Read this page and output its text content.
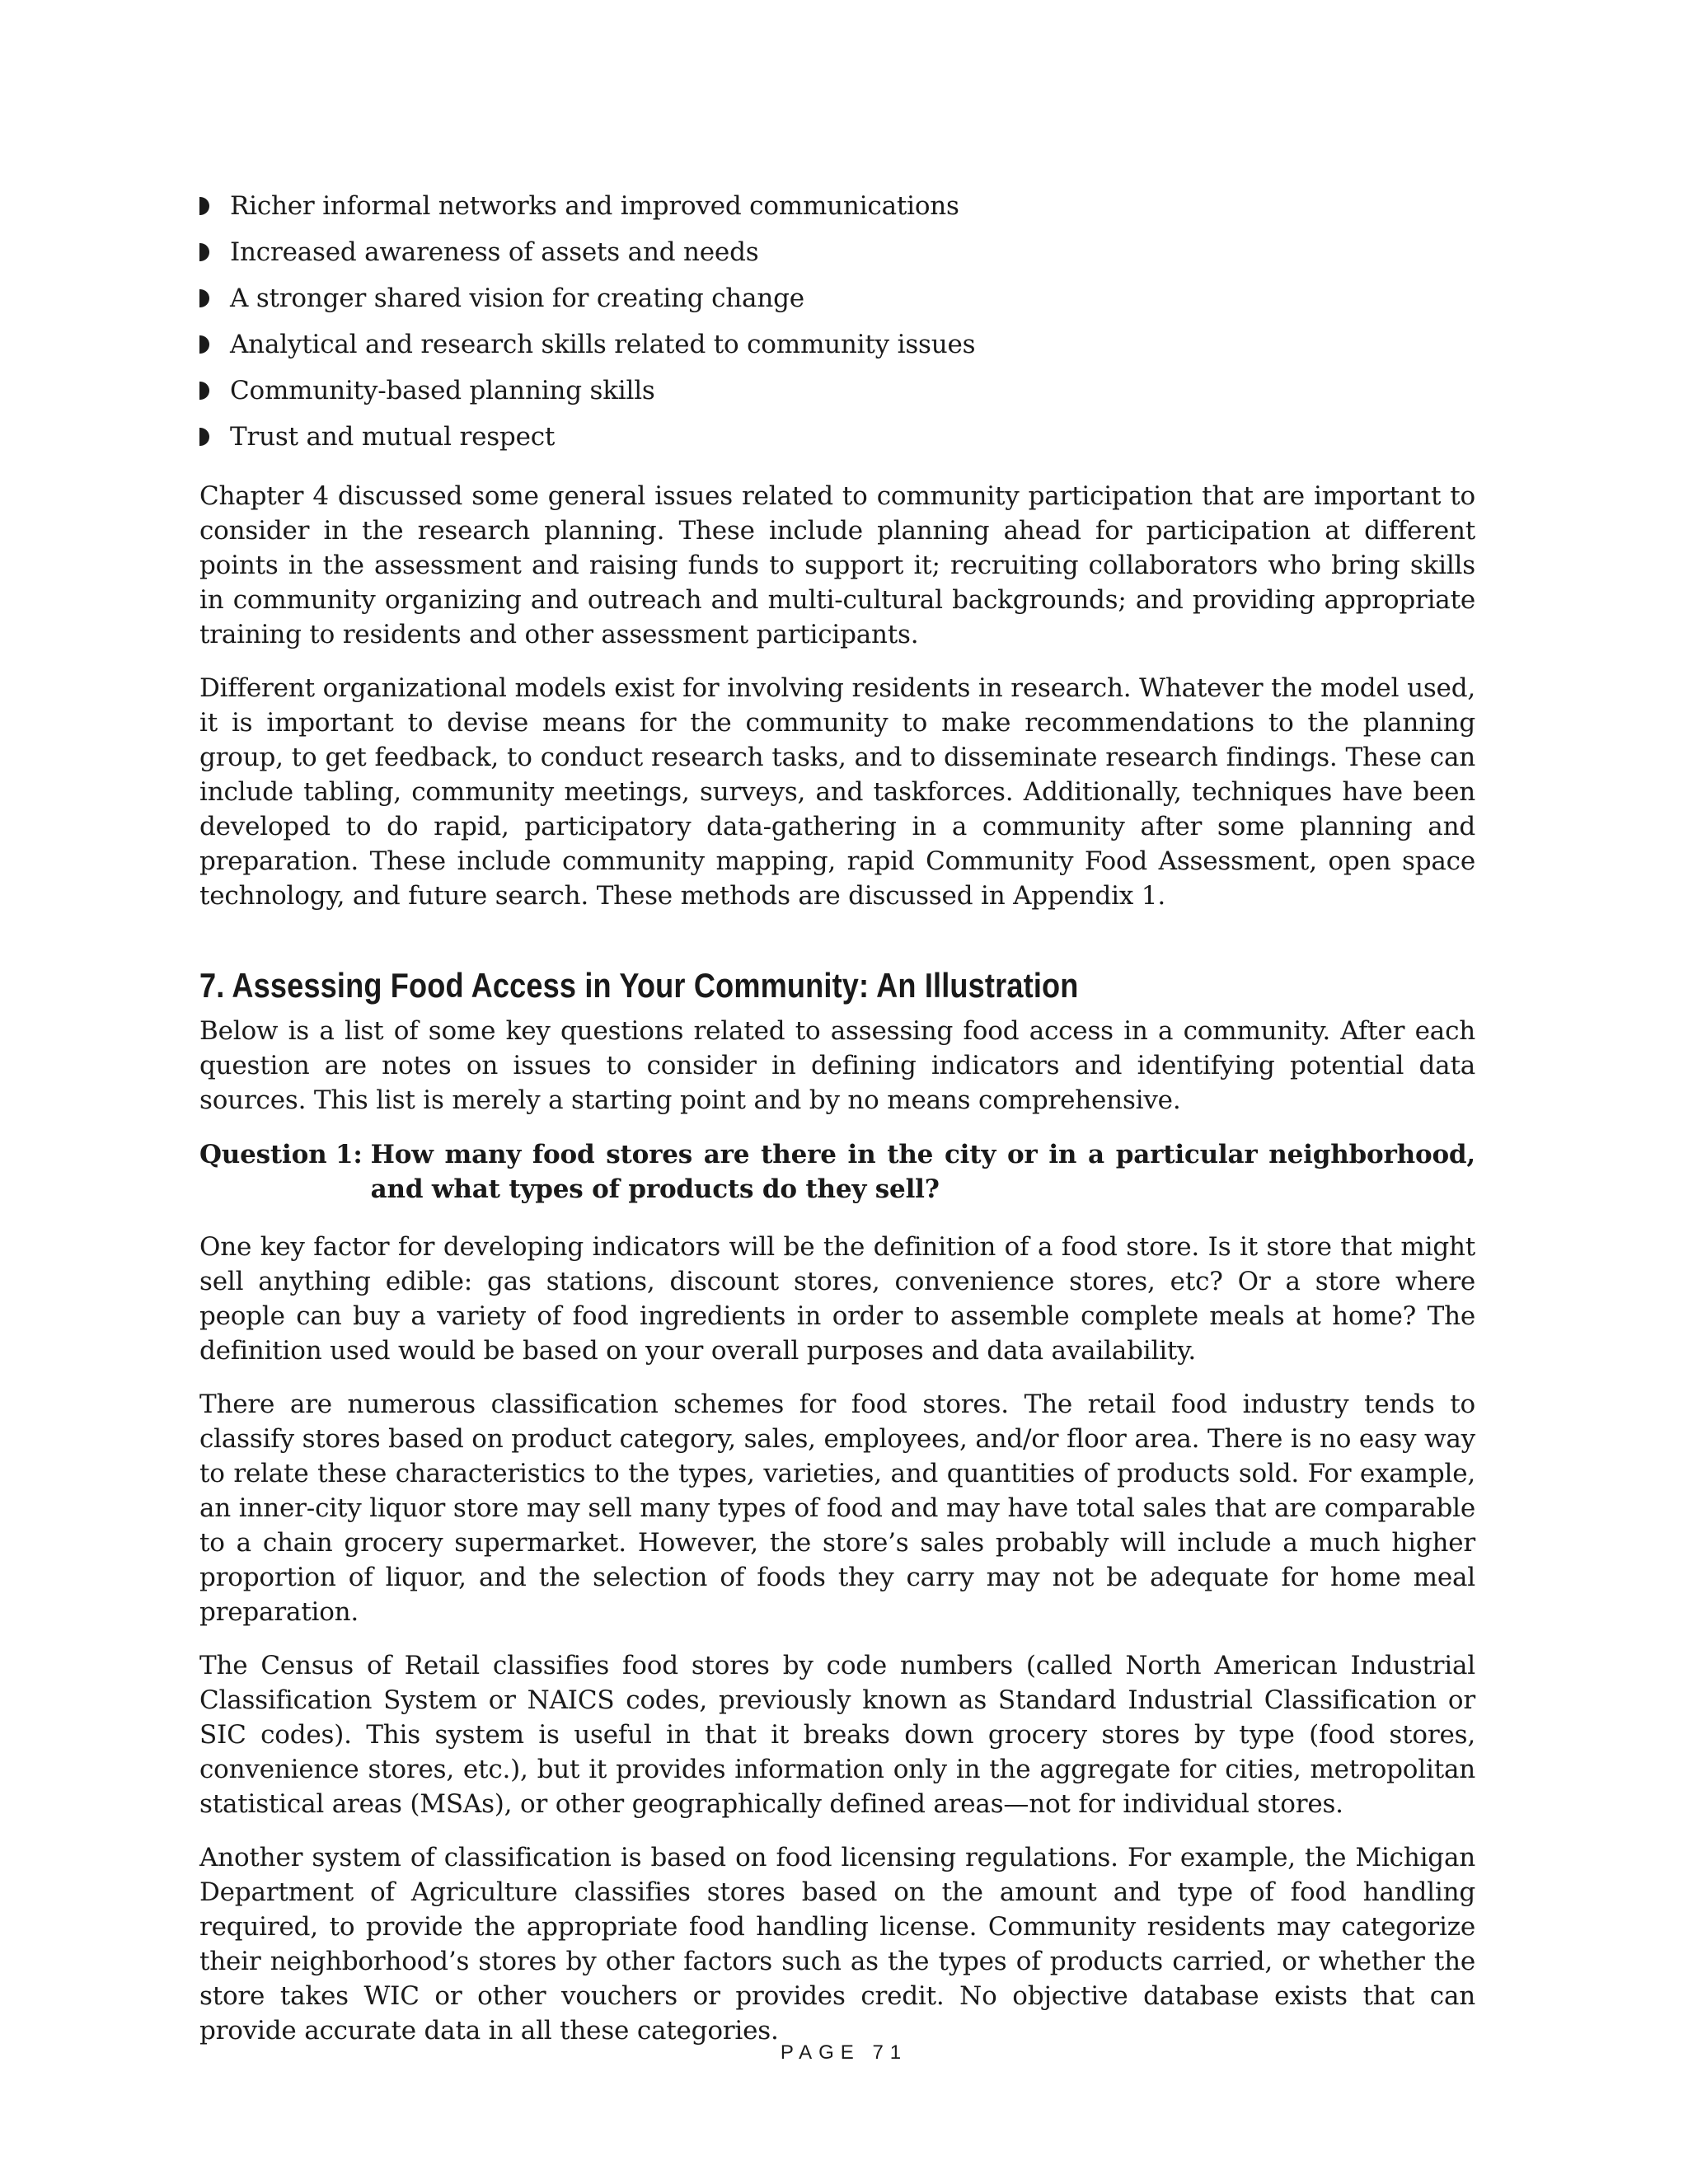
Richer informal networks and improved communications
Increased awareness of assets and needs
A stronger shared vision for creating change
Analytical and research skills related to community issues
Community-based planning skills
Trust and mutual respect

Chapter 4 discussed some general issues related to community participation that are important to consider in the research planning. These include planning ahead for participation at different points in the assessment and raising funds to support it; recruiting collaborators who bring skills in community organizing and outreach and multi-cultural backgrounds; and providing appropriate training to residents and other assessment participants.

Different organizational models exist for involving residents in research. Whatever the model used, it is important to devise means for the community to make recommendations to the planning group, to get feedback, to conduct research tasks, and to disseminate research findings. These can include tabling, community meetings, surveys, and taskforces. Additionally, techniques have been developed to do rapid, participatory data-gathering in a community after some planning and preparation. These include community mapping, rapid Community Food Assessment, open space technology, and future search. These methods are discussed in Appendix 1.

7. Assessing Food Access in Your Community: An Illustration

Below is a list of some key questions related to assessing food access in a community. After each question are notes on issues to consider in defining indicators and identifying potential data sources. This list is merely a starting point and by no means comprehensive.

Question 1: How many food stores are there in the city or in a particular neighborhood, and what types of products do they sell?

One key factor for developing indicators will be the definition of a food store. Is it store that might sell anything edible: gas stations, discount stores, convenience stores, etc? Or a store where people can buy a variety of food ingredients in order to assemble complete meals at home? The definition used would be based on your overall purposes and data availability.

There are numerous classification schemes for food stores. The retail food industry tends to classify stores based on product category, sales, employees, and/or floor area. There is no easy way to relate these characteristics to the types, varieties, and quantities of products sold. For example, an inner-city liquor store may sell many types of food and may have total sales that are comparable to a chain grocery supermarket. However, the store’s sales probably will include a much higher proportion of liquor, and the selection of foods they carry may not be adequate for home meal preparation.

The Census of Retail classifies food stores by code numbers (called North American Industrial Classification System or NAICS codes, previously known as Standard Industrial Classification or SIC codes). This system is useful in that it breaks down grocery stores by type (food stores, convenience stores, etc.), but it provides information only in the aggregate for cities, metropolitan statistical areas (MSAs), or other geographically defined areas—not for individual stores.

Another system of classification is based on food licensing regulations. For example, the Michigan Department of Agriculture classifies stores based on the amount and type of food handling required, to provide the appropriate food handling license. Community residents may categorize their neighborhood’s stores by other factors such as the types of products carried, or whether the store takes WIC or other vouchers or provides credit. No objective database exists that can provide accurate data in all these categories.

PAGE 71
